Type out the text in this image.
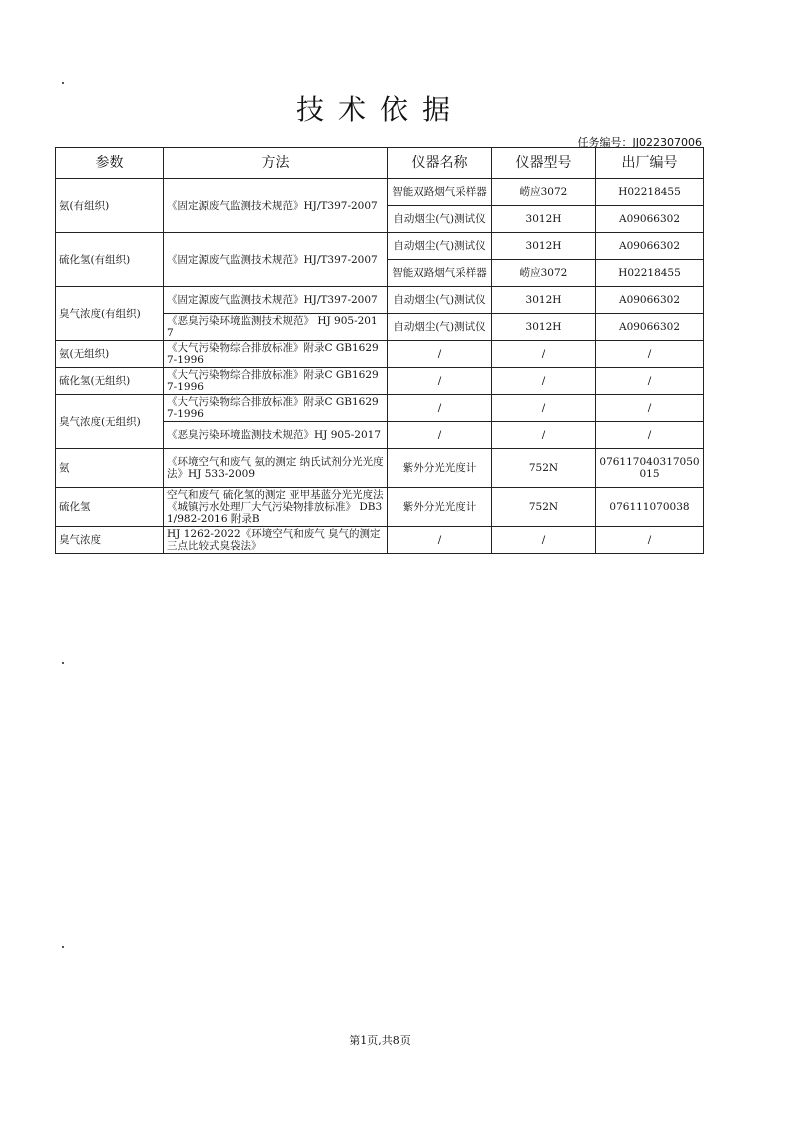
技术依据
任务编号：JJ022307006
参数	方法	仪器名称	仪器型号	出厂编号
氨(有组织)	《固定源废气监测技术规范》HJ/T397-2007	智能双路烟气采样器	崂应3072	H02218455
		自动烟尘(气)测试仪	3012H	A09066302
硫化氢(有组织)	《固定源废气监测技术规范》HJ/T397-2007	自动烟尘(气)测试仪	3012H	A09066302
		智能双路烟气采样器	崂应3072	H02218455
臭气浓度(有组织)	《固定源废气监测技术规范》HJ/T397-2007	自动烟尘(气)测试仪	3012H	A09066302
	《恶臭污染环境监测技术规范》 HJ 905-2017	自动烟尘(气)测试仪	3012H	A09066302
氨(无组织)	《大气污染物综合排放标准》附录C GB16297-1996	/	/	/
硫化氢(无组织)	《大气污染物综合排放标准》附录C GB16297-1996	/	/	/
臭气浓度(无组织)	《大气污染物综合排放标准》附录C GB16297-1996	/	/	/
	《恶臭污染环境监测技术规范》HJ 905-2017	/	/	/
氨	《环境空气和废气 氨的测定 纳氏试剂分光光度法》HJ 533-2009	紫外分光光度计	752N	076117040317050015
硫化氢	空气和废气 硫化氢的测定 亚甲基蓝分光光度法《城镇污水处理厂大气污染物排放标准》 DB31/982-2016 附录B	紫外分光光度计	752N	076111070038
臭气浓度	HJ 1262-2022《环境空气和废气 臭气的测定 三点比较式臭袋法》	/	/	/
第1页,共8页
